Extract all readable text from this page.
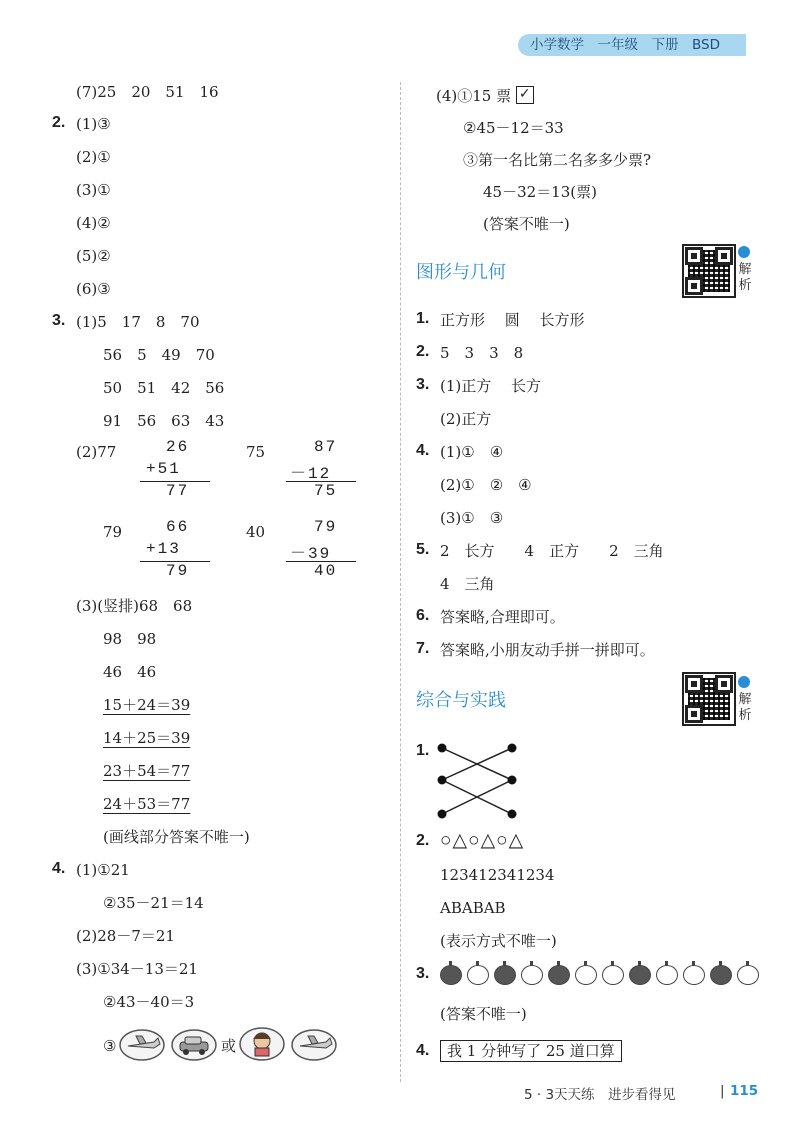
小学数学　一年级　下册　BSD
(7)25　20　51　16
2. (1)③
(2)①
(3)①
(4)②
(5)②
(6)③
3. (1)5　17　8　70
56　5　49　70
50　51　42　56
91　56　63　43
(2)77	26
+51
77
75	87
－12
75
79	66
+13
79
40	79
－39
40
(3)(竖排)68　68
98　98
46　46
15＋24＝39
14＋25＝39
23＋54＝77
24＋53＝77
(画线部分答案不唯一)
4. (1)①21
②35－21＝14
(2)28－7＝21
(3)①34－13＝21
②43－40＝3
③	或
(4)①15 票 ✓
②45－12＝33
③第一名比第二名多多少票?
45－32＝13(票)
(答案不唯一)
图形与几何	解
析
1. 正方形　 圆　 长方形
2. 5　3　3　8
3. (1)正方　 长方
(2)正方
4. (1)①　④
(2)①　②　④
(3)①　③
5. 2　长方　　4　正方　　2　三角
4　三角
6. 答案略,合理即可。
7. 答案略,小朋友动手拼一拼即可。
综合与实践	解
析
1.
2. ○△○△○△
123412341234
ABABAB
(表示方式不唯一)
3.
(答案不唯一)
4.	我 1 分钟写了 25 道口算
5 · 3天天练　进步看得见	| 115
